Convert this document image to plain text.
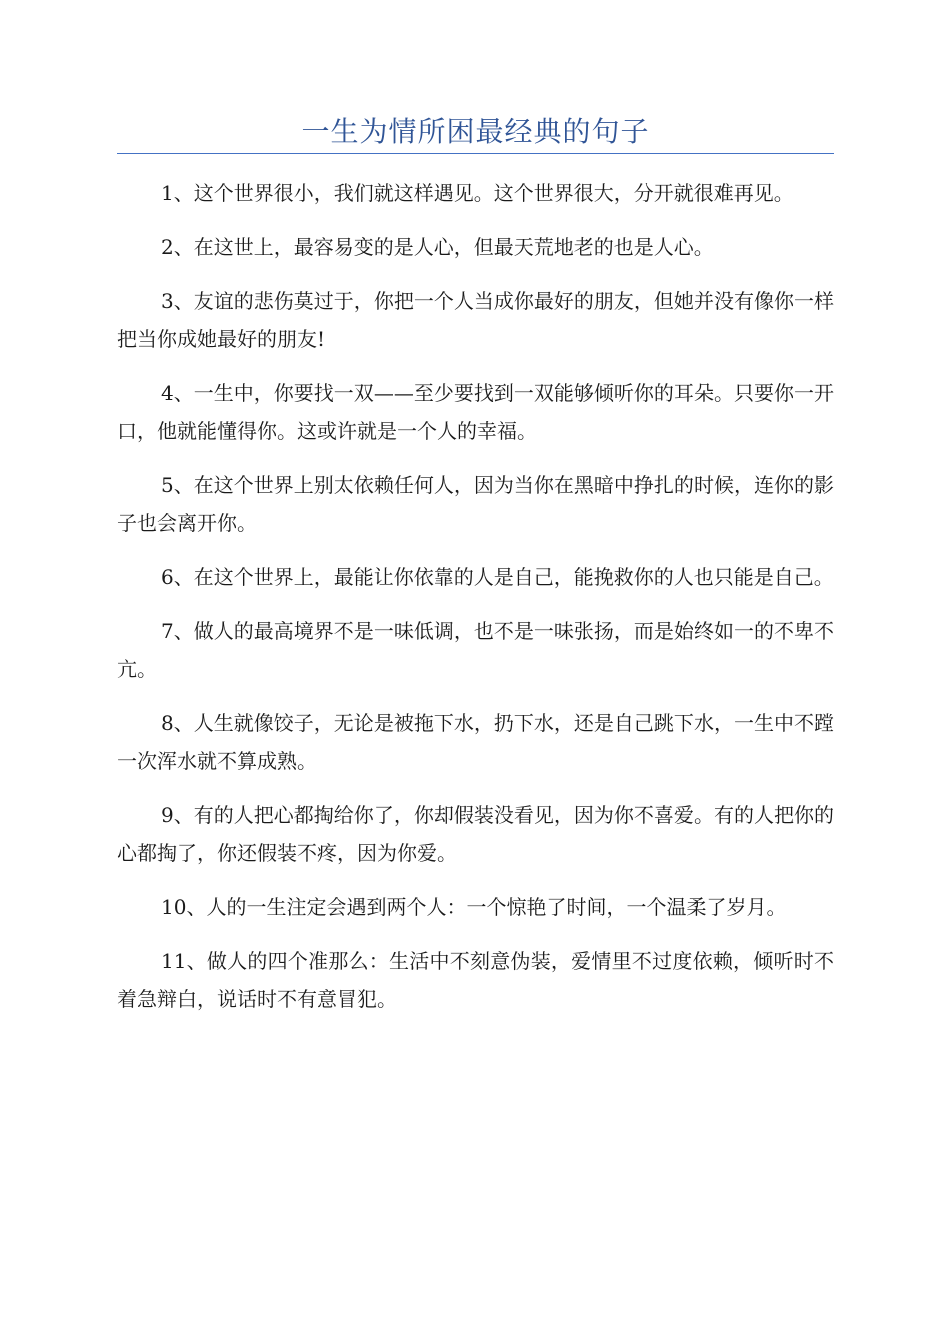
一生为情所困最经典的句子

1、这个世界很小，我们就这样遇见。这个世界很大，分开就很难再见。

2、在这世上，最容易变的是人心，但最天荒地老的也是人心。

3、友谊的悲伤莫过于，你把一个人当成你最好的朋友，但她并没有像你一样把当你成她最好的朋友!

4、一生中，你要找一双——至少要找到一双能够倾听你的耳朵。只要你一开口，他就能懂得你。这或许就是一个人的幸福。

5、在这个世界上别太依赖任何人，因为当你在黑暗中挣扎的时候，连你的影子也会离开你。

6、在这个世界上，最能让你依靠的人是自己，能挽救你的人也只能是自己。

7、做人的最高境界不是一味低调，也不是一味张扬，而是始终如一的不卑不亢。

8、人生就像饺子，无论是被拖下水，扔下水，还是自己跳下水，一生中不蹚一次浑水就不算成熟。

9、有的人把心都掏给你了，你却假装没看见，因为你不喜爱。有的人把你的心都掏了，你还假装不疼，因为你爱。

10、人的一生注定会遇到两个人：一个惊艳了时间，一个温柔了岁月。

11、做人的四个准那么：生活中不刻意伪装，爱情里不过度依赖，倾听时不着急辩白，说话时不有意冒犯。
